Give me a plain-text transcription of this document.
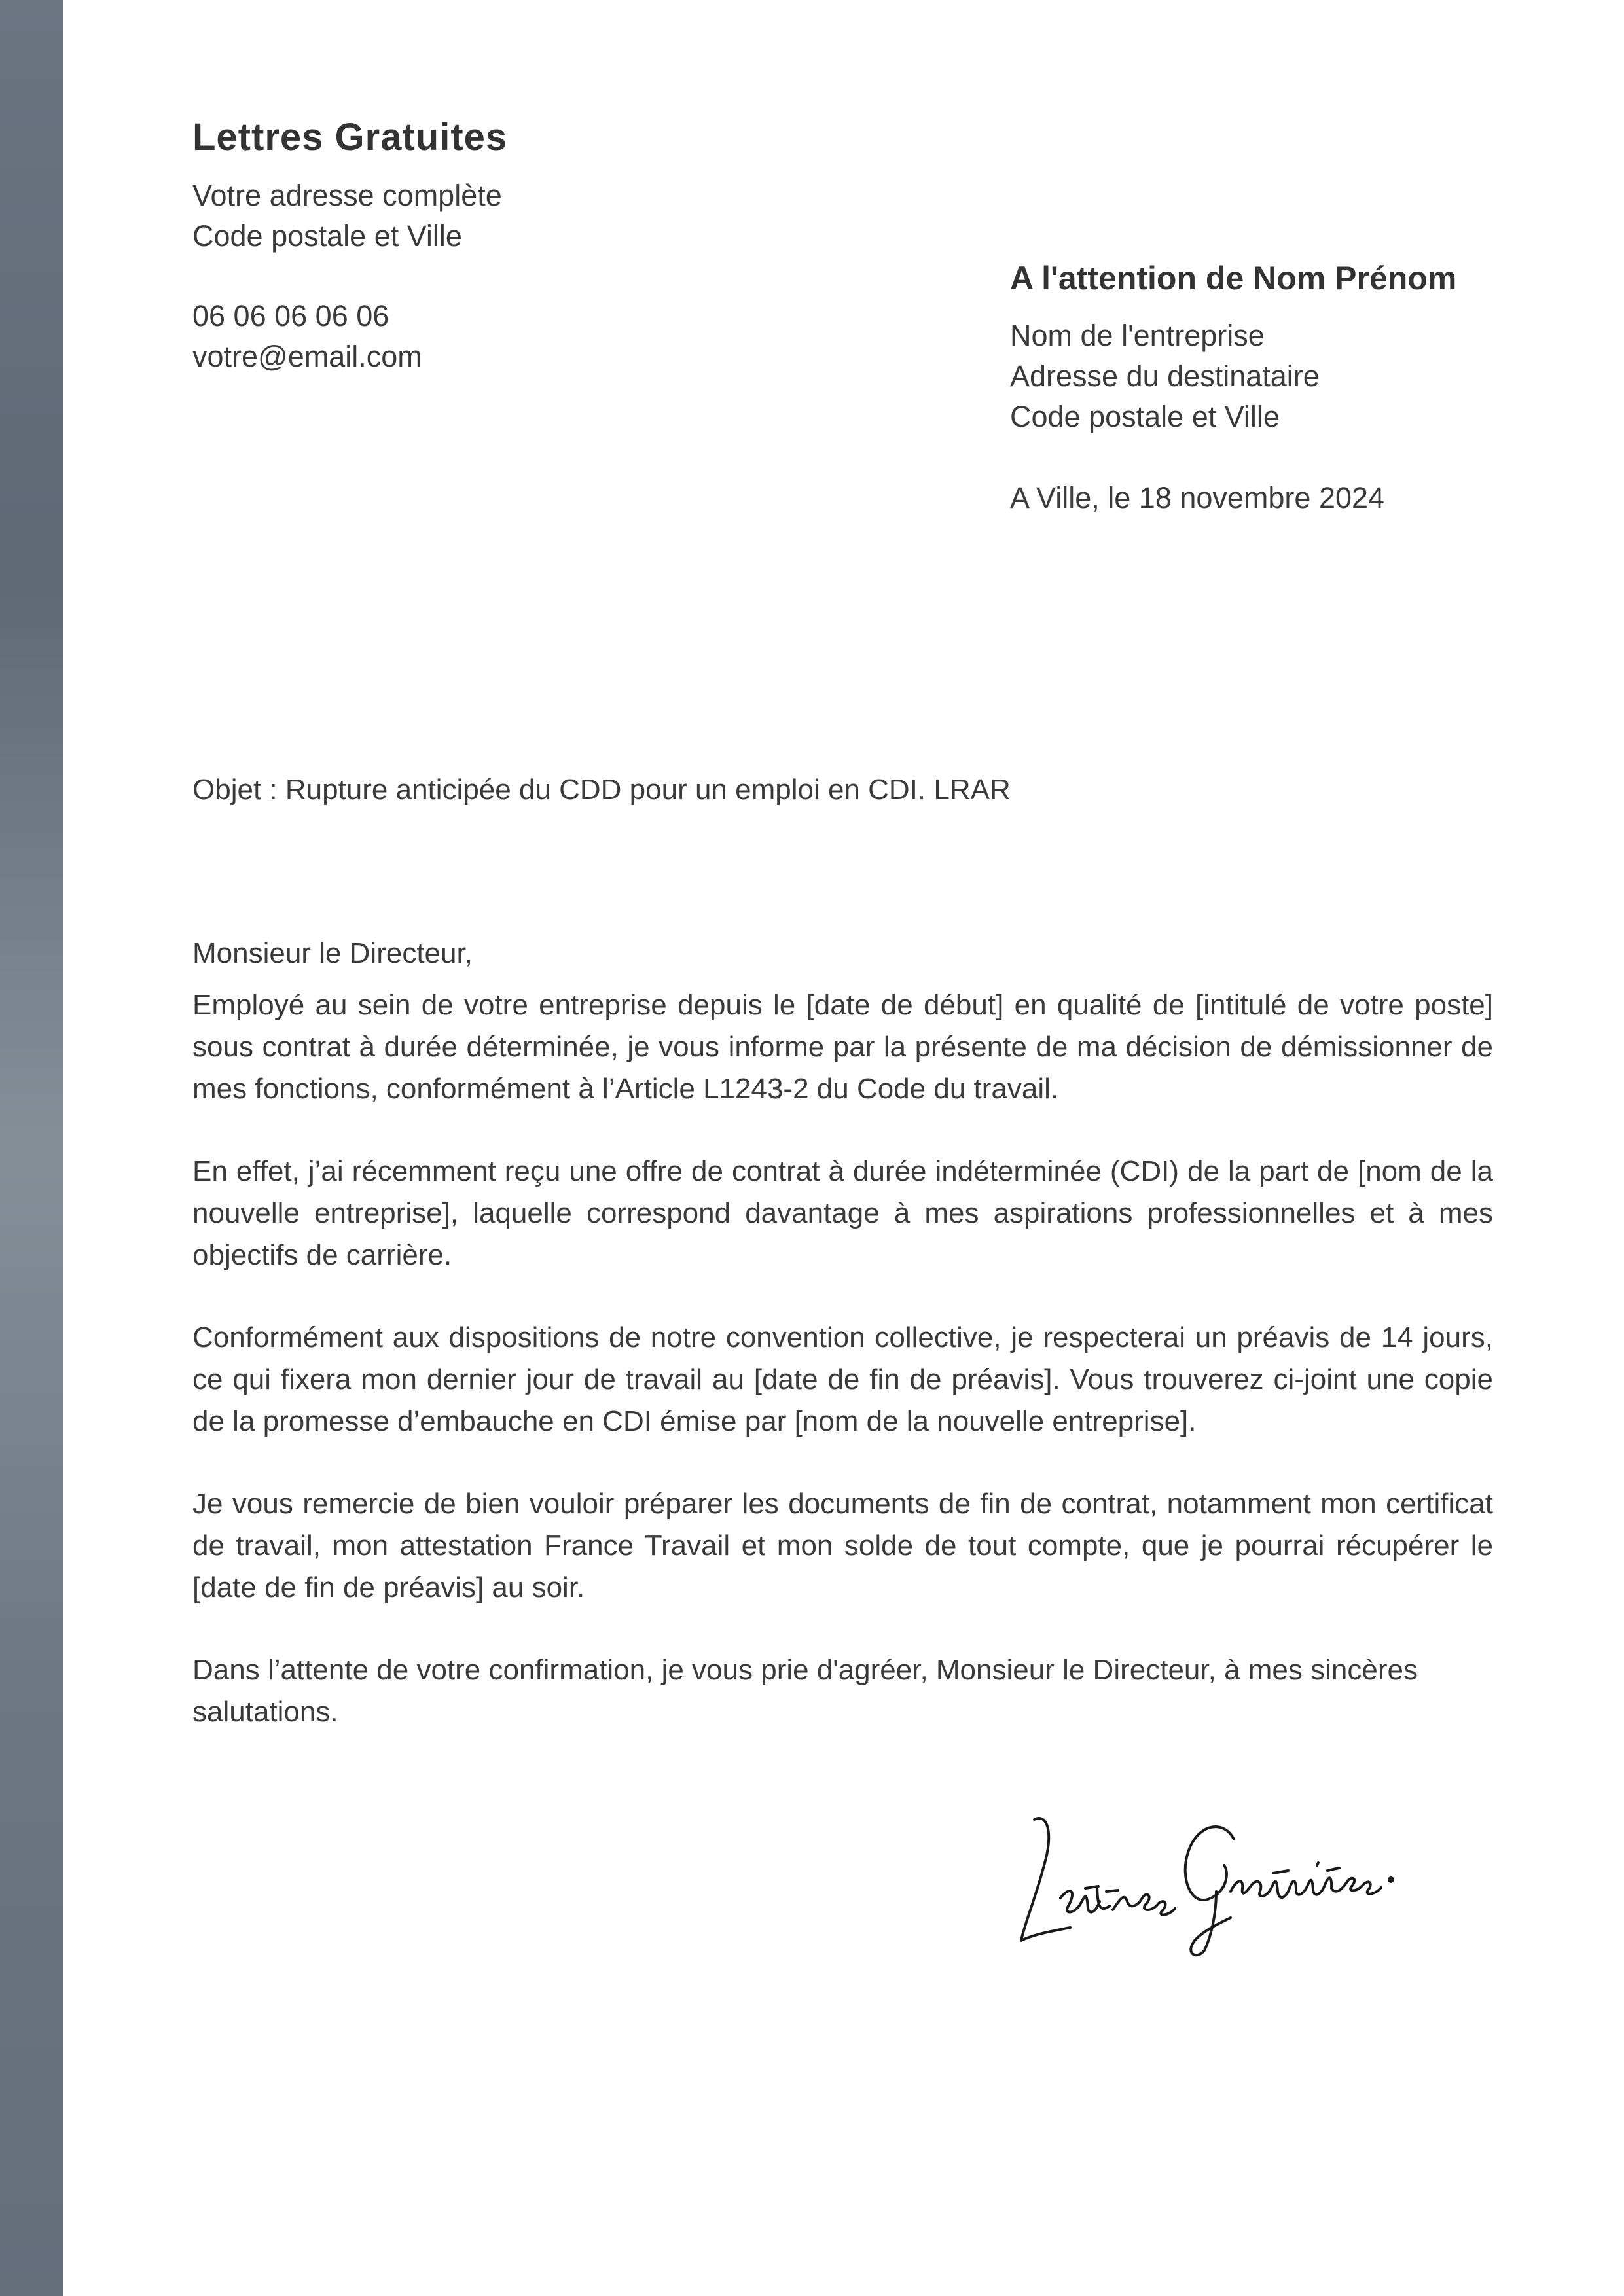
Lettres Gratuites

Votre adresse complète

Code postale et Ville

06 06 06 06 06

votre@email.com

A l'attention de Nom Prénom

Nom de l'entreprise

Adresse du destinataire

Code postale et Ville

A Ville, le 18 novembre 2024

Objet : Rupture anticipée du CDD pour un emploi en CDI. LRAR

Monsieur le Directeur,

Employé au sein de votre entreprise depuis le [date de début] en qualité de [intitulé de votre poste] sous contrat à durée déterminée, je vous informe par la présente de ma décision de démissionner de mes fonctions, conformément à l’Article L1243-2 du Code du travail.

En effet, j’ai récemment reçu une offre de contrat à durée indéterminée (CDI) de la part de [nom de la nouvelle entreprise], laquelle correspond davantage à mes aspirations professionnelles et à mes objectifs de carrière.

Conformément aux dispositions de notre convention collective, je respecterai un préavis de 14 jours, ce qui fixera mon dernier jour de travail au [date de fin de préavis]. Vous trouverez ci-joint une copie de la promesse d’embauche en CDI émise par [nom de la nouvelle entreprise].

Je vous remercie de bien vouloir préparer les documents de fin de contrat, notamment mon certificat de travail, mon attestation France Travail et mon solde de tout compte, que je pourrai récupérer le [date de fin de préavis] au soir.

Dans l’attente de votre confirmation, je vous prie d'agréer, Monsieur le Directeur, à mes sincères salutations.
